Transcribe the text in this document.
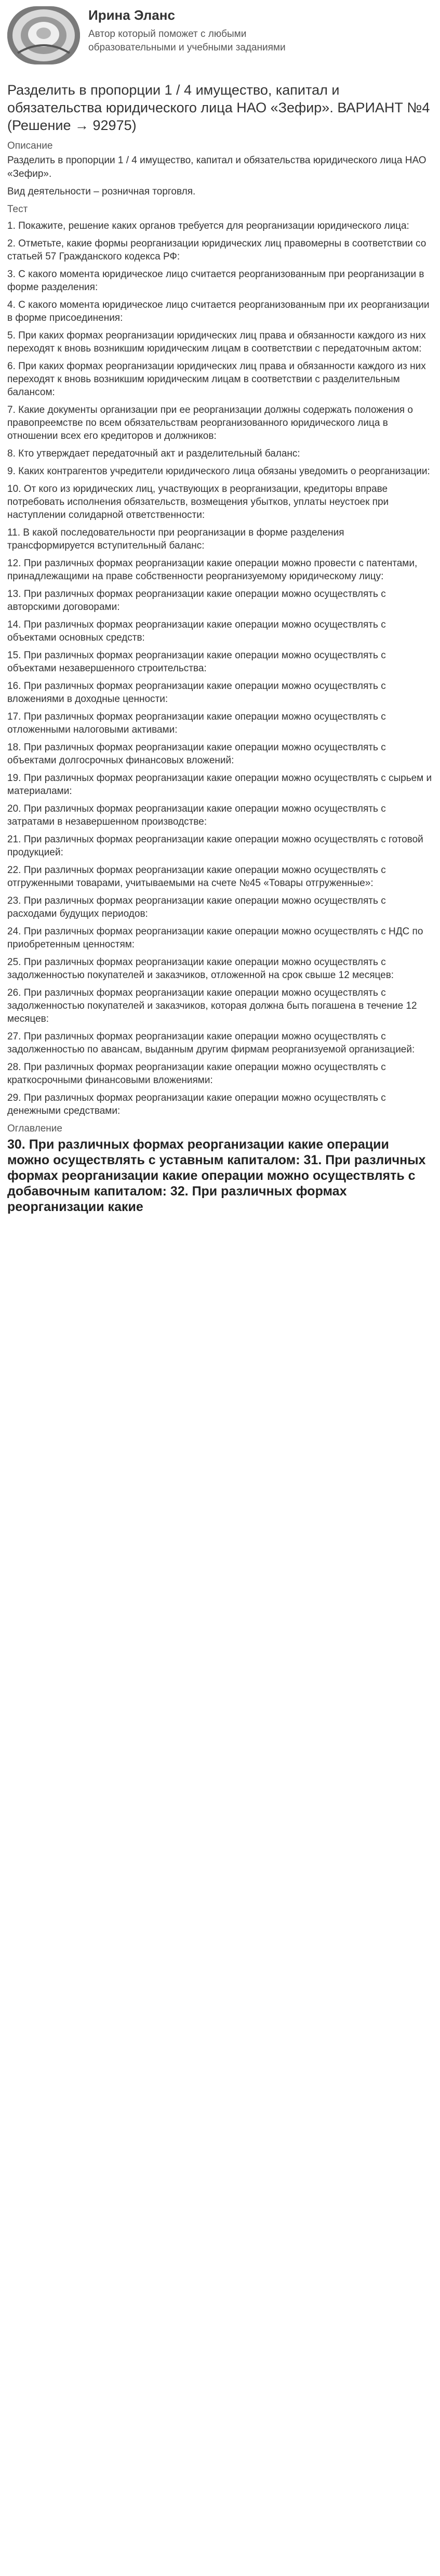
Ирина Эланс
Автор который поможет с любыми образовательными и учебными заданиями
Разделить в пропорции 1 / 4 имущество, капитал и обязательства юридического лица НАО «Зефир». ВАРИАНТ №4 (Решение → 92975)
Описание

Разделить в пропорции 1 / 4 имущество, капитал и обязательства юридического лица НАО «Зефир».

Вид деятельности – розничная торговля.

Тест

1. Покажите, решение каких органов требуется для реорганизации юридического лица:

2. Отметьте, какие формы реорганизации юридических лиц правомерны в соответствии со статьей 57 Гражданского кодекса РФ:

3. С какого момента юридическое лицо считается реорганизованным при реорганизации в форме разделения:

4. С какого момента юридическое лицо считается реорганизованным при их реорганизации в форме присоединения:

5. При каких формах реорганизации юридических лиц права и обязанности каждого из них переходят к вновь возникшим юридическим лицам в соответствии с передаточным актом:

6. При каких формах реорганизации юридических лиц права и обязанности каждого из них переходят к вновь возникшим юридическим лицам в соответствии с разделительным балансом:

7. Какие документы организации при ее реорганизации должны содержать положения о правопреемстве по всем обязательствам реорганизованного юридического лица в отношении всех его кредиторов и должников:

8. Кто утверждает передаточный акт и разделительный баланс:

9. Каких контрагентов учредители юридического лица обязаны уведомить о реорганизации:

10. От кого из юридических лиц, участвующих в реорганизации, кредиторы вправе потребовать исполнения обязательств, возмещения убытков, уплаты неустоек при наступлении солидарной ответственности:

11. В какой последовательности при реорганизации в форме разделения трансформируется вступительный баланс:

12. При различных формах реорганизации какие операции можно провести с патентами, принадлежащими на праве собственности реорганизуемому юридическому лицу:

13. При различных формах реорганизации какие операции можно осуществлять с авторскими договорами:

14. При различных формах реорганизации какие операции можно осуществлять с объектами основных средств:

15. При различных формах реорганизации какие операции можно осуществлять с объектами незавершенного строительства:

16. При различных формах реорганизации какие операции можно осуществлять с вложениями в доходные ценности:

17. При различных формах реорганизации какие операции можно осуществлять с отложенными налоговыми активами:

18. При различных формах реорганизации какие операции можно осуществлять с объектами долгосрочных финансовых вложений:

19. При различных формах реорганизации какие операции можно осуществлять с сырьем и материалами:

20. При различных формах реорганизации какие операции можно осуществлять с затратами в незавершенном производстве:

21. При различных формах реорганизации какие операции можно осуществлять с готовой продукцией:

22. При различных формах реорганизации какие операции можно осуществлять с отгруженными товарами, учитываемыми на счете №45 «Товары отгруженные»:

23. При различных формах реорганизации какие операции можно осуществлять с расходами будущих периодов:

24. При различных формах реорганизации какие операции можно осуществлять с НДС по приобретенным ценностям:

25. При различных формах реорганизации какие операции можно осуществлять с задолженностью покупателей и заказчиков, отложенной на срок свыше 12 месяцев:

26. При различных формах реорганизации какие операции можно осуществлять с задолженностью покупателей и заказчиков, которая должна быть погашена в течение 12 месяцев:

27. При различных формах реорганизации какие операции можно осуществлять с задолженностью по авансам, выданным другим фирмам реорганизуемой организацией:

28. При различных формах реорганизации какие операции можно осуществлять с краткосрочными финансовыми вложениями:

29. При различных формах реорганизации какие операции можно осуществлять с денежными средствами:

Оглавление
30. При различных формах реорганизации какие операции можно осуществлять с уставным капиталом: 31. При различных формах реорганизации какие операции можно осуществлять с добавочным капиталом: 32. При различных формах реорганизации какие
